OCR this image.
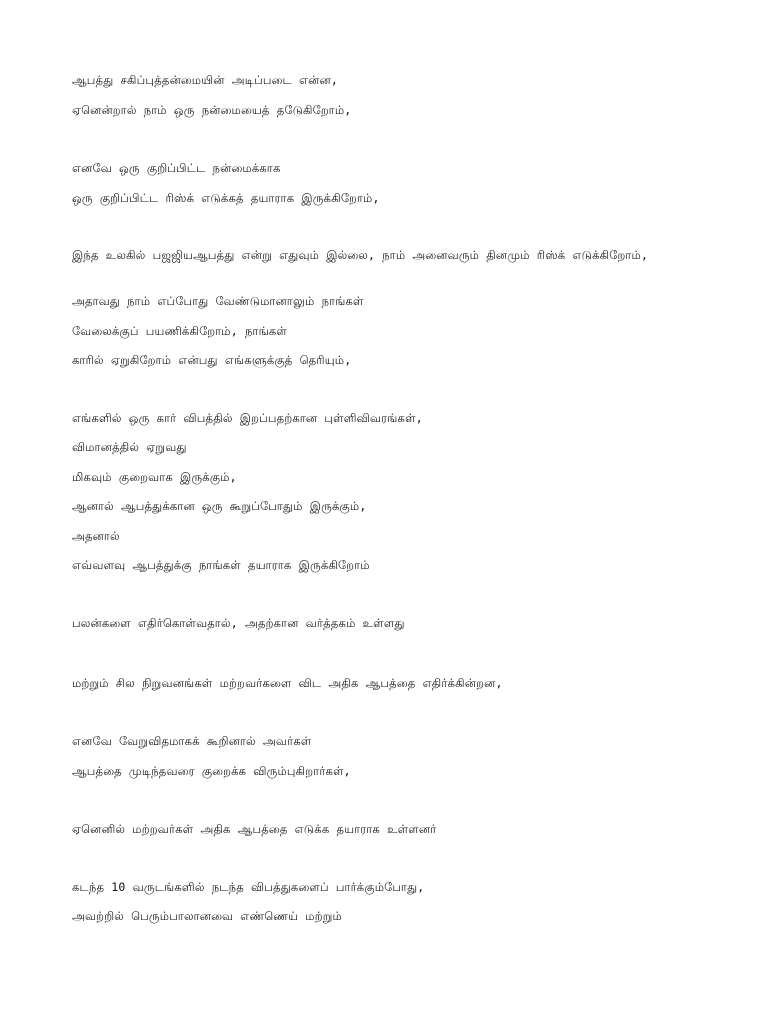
ஆபத்து சகிப்புத்தன்மையின் அடிப்படை என்ன,
ஏனென்றால் நாம் ஒரு நன்மையைத் தடேுகிறோம்,
எனவே ஒரு குறிப்பிட்ட நன்மைக்காக
ஒரு குறிப்பிட்ட ரிஸ்க் எடுக்கத் தயாராக இருக்கிறோம்,
இந்த உலகில் பஜஜியஆபத்து என்று எதுவும் இல்லை, நாம் அனைவரும் தினமும் ரிஸ்க் எடுக்கிறோம்,
அதாவது நாம் எப்போது வேண்டுமானாலும் நாங்கள்
வேலைக்குப் பயணிக்கிறோம், நாங்கள்
காரில் ஏறுகிறோம் என்பது எங்களுக்குத் தெரியும்,
எங்களில் ஒரு கார் விபத்தில் இறப்பதற்கான புள்ளிவிவரங்கள்,
விமானத்தில் ஏறுவது
மிகவும் குறைவாக இருக்கும்,
ஆனால் ஆபத்துக்கான ஒரு கூறுப்போதும் இருக்கும்,
அதனால்
எவ்வளவு ஆபத்துக்கு நாங்கள் தயாராக இருக்கிறோம்
பலன்களை எதிர்கொள்வதால், அதற்கான வர்த்தகம் உள்ளது
மற்றும் சில நிறுவனங்கள் மற்றவர்களை விட அதிக ஆபத்தை எதிர்க்கின்றன,
எனவே வேறுவிதமாகக் கூறினால் அவர்கள்
ஆபத்தை முடிந்தவரை குறைக்க விரும்புகிறார்கள்,
ஏனெனில் மற்றவர்கள் அதிக ஆபத்தை எடுக்க தயாராக உள்ளனர்
கடந்த 10 வருடங்களில் நடந்த விபத்துகளைப் பார்க்கும்போது,
அவற்றில் பெரும்பாலானவை எண்ணெய் மற்றும்
